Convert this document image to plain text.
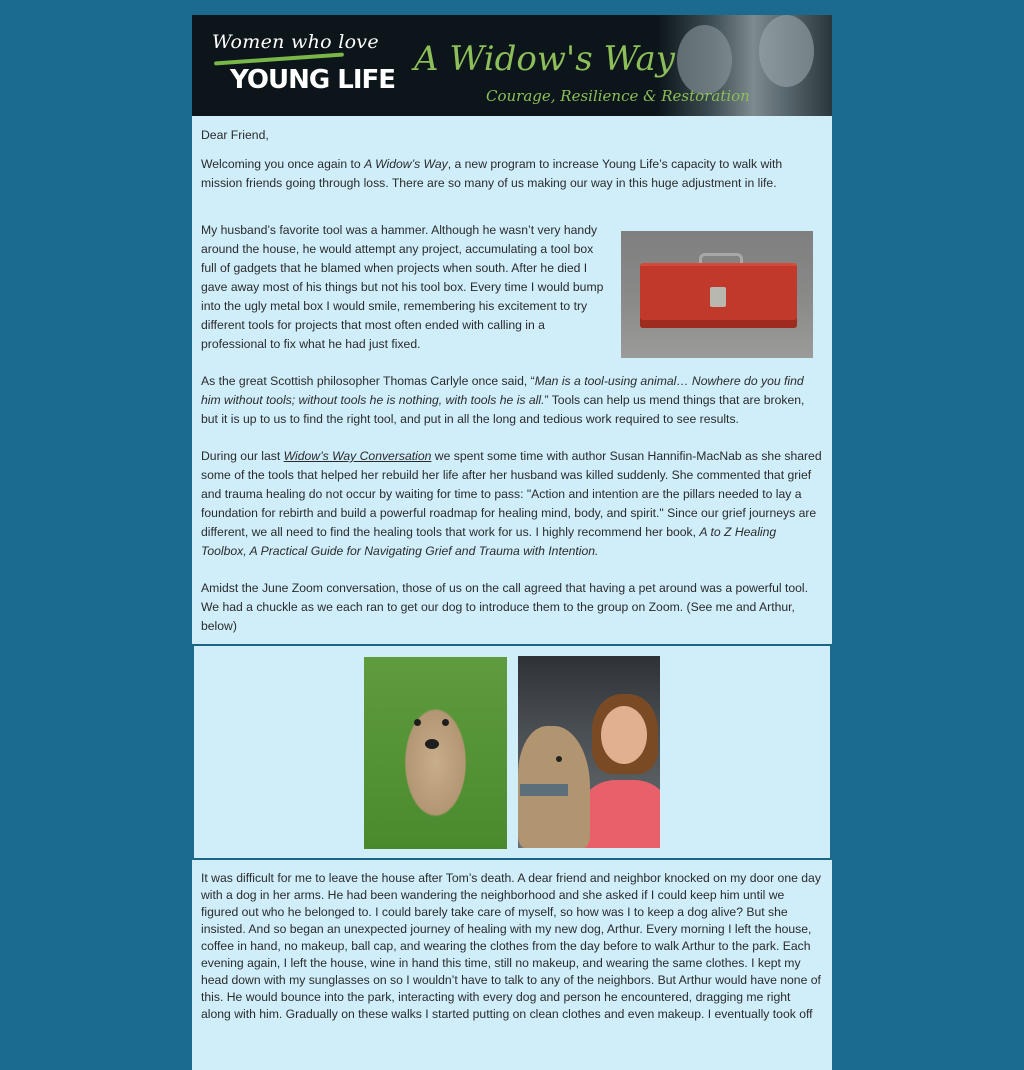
Women who love
YOUNG LIFE
A Widow's Way
Courage, Resilience & Restoration

Dear Friend,

Welcoming you once again to A Widow’s Way, a new program to increase Young Life’s capacity to walk with mission friends going through loss. There are so many of us making our way in this huge adjustment in life.

My husband’s favorite tool was a hammer. Although he wasn’t very handy around the house, he would attempt any project, accumulating a tool box full of gadgets that he blamed when projects when south. After he died I gave away most of his things but not his tool box. Every time I would bump into the ugly metal box I would smile, remembering his excitement to try different tools for projects that most often ended with calling in a professional to fix what he had just fixed.

As the great Scottish philosopher Thomas Carlyle once said, “Man is a tool-using animal… Nowhere do you find him without tools; without tools he is nothing, with tools he is all.” Tools can help us mend things that are broken, but it is up to us to find the right tool, and put in all the long and tedious work required to see results.

During our last Widow’s Way Conversation we spent some time with author Susan Hannifin-MacNab as she shared some of the tools that helped her rebuild her life after her husband was killed suddenly. She commented that grief and trauma healing do not occur by waiting for time to pass: "Action and intention are the pillars needed to lay a foundation for rebirth and build a powerful roadmap for healing mind, body, and spirit." Since our grief journeys are different, we all need to find the healing tools that work for us. I highly recommend her book, A to Z Healing Toolbox, A Practical Guide for Navigating Grief and Trauma with Intention.

Amidst the June Zoom conversation, those of us on the call agreed that having a pet around was a powerful tool. We had a chuckle as we each ran to get our dog to introduce them to the group on Zoom. (See me and Arthur, below)

It was difficult for me to leave the house after Tom’s death. A dear friend and neighbor knocked on my door one day with a dog in her arms. He had been wandering the neighborhood and she asked if I could keep him until we figured out who he belonged to. I could barely take care of myself, so how was I to keep a dog alive? But she insisted. And so began an unexpected journey of healing with my new dog, Arthur. Every morning I left the house, coffee in hand, no makeup, ball cap, and wearing the clothes from the day before to walk Arthur to the park. Each evening again, I left the house, wine in hand this time, still no makeup, and wearing the same clothes. I kept my head down with my sunglasses on so I wouldn’t have to talk to any of the neighbors. But Arthur would have none of this. He would bounce into the park, interacting with every dog and person he encountered, dragging me right along with him. Gradually on these walks I started putting on clean clothes and even makeup. I eventually took off
